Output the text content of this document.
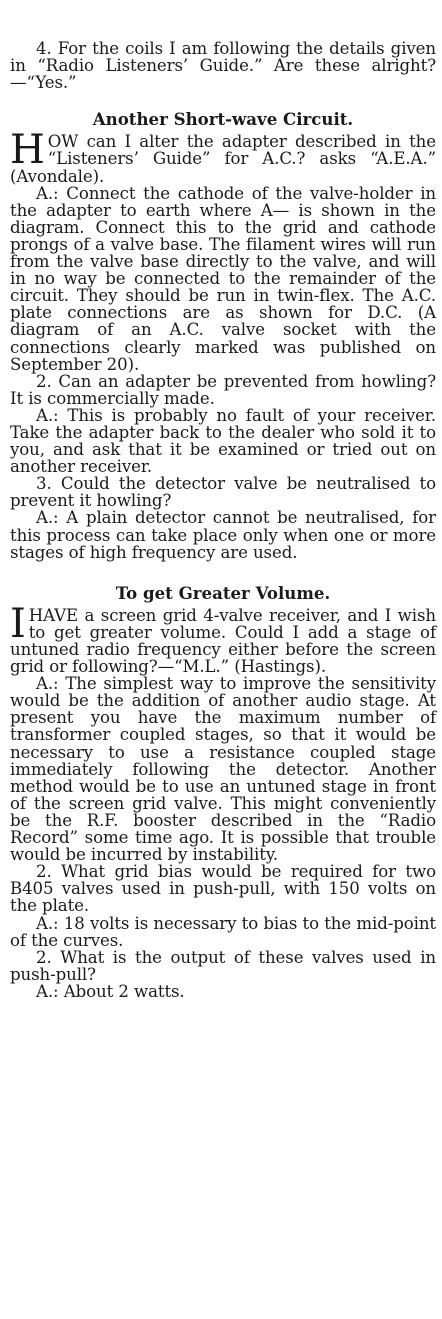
4. For the coils I am following the details given in “Radio Listeners’ Guide.” Are these alright?—“Yes.”

Another Short-wave Circuit.

HOW can I alter the adapter described in the “Listeners’ Guide” for A.C.? asks “A.E.A.” (Avondale).

A.: Connect the cathode of the valve-holder in the adapter to earth where A— is shown in the diagram. Connect this to the grid and cathode prongs of a valve base. The filament wires will run from the valve base directly to the valve, and will in no way be connected to the remainder of the circuit. They should be run in twin-flex. The A.C. plate connections are as shown for D.C. (A diagram of an A.C. valve socket with the connections clearly marked was published on September 20).

2. Can an adapter be prevented from howling? It is commercially made.

A.: This is probably no fault of your receiver. Take the adapter back to the dealer who sold it to you, and ask that it be examined or tried out on another receiver.

3. Could the detector valve be neutralised to prevent it howling?

A.: A plain detector cannot be neutralised, for this process can take place only when one or more stages of high frequency are used.

To get Greater Volume.

IHAVE a screen grid 4-valve receiver, and I wish to get greater volume. Could I add a stage of untuned radio frequency either before the screen grid or following?—“M.L.” (Hastings).

A.: The simplest way to improve the sensitivity would be the addition of another audio stage. At present you have the maximum number of transformer coupled stages, so that it would be necessary to use a resistance coupled stage immediately following the detector. Another method would be to use an untuned stage in front of the screen grid valve. This might conveniently be the R.F. booster described in the “Radio Record” some time ago. It is possible that trouble would be incurred by instability.

2. What grid bias would be required for two B405 valves used in push-pull, with 150 volts on the plate.

A.: 18 volts is necessary to bias to the mid-point of the curves.

2. What is the output of these valves used in push-pull?

A.: About 2 watts.
